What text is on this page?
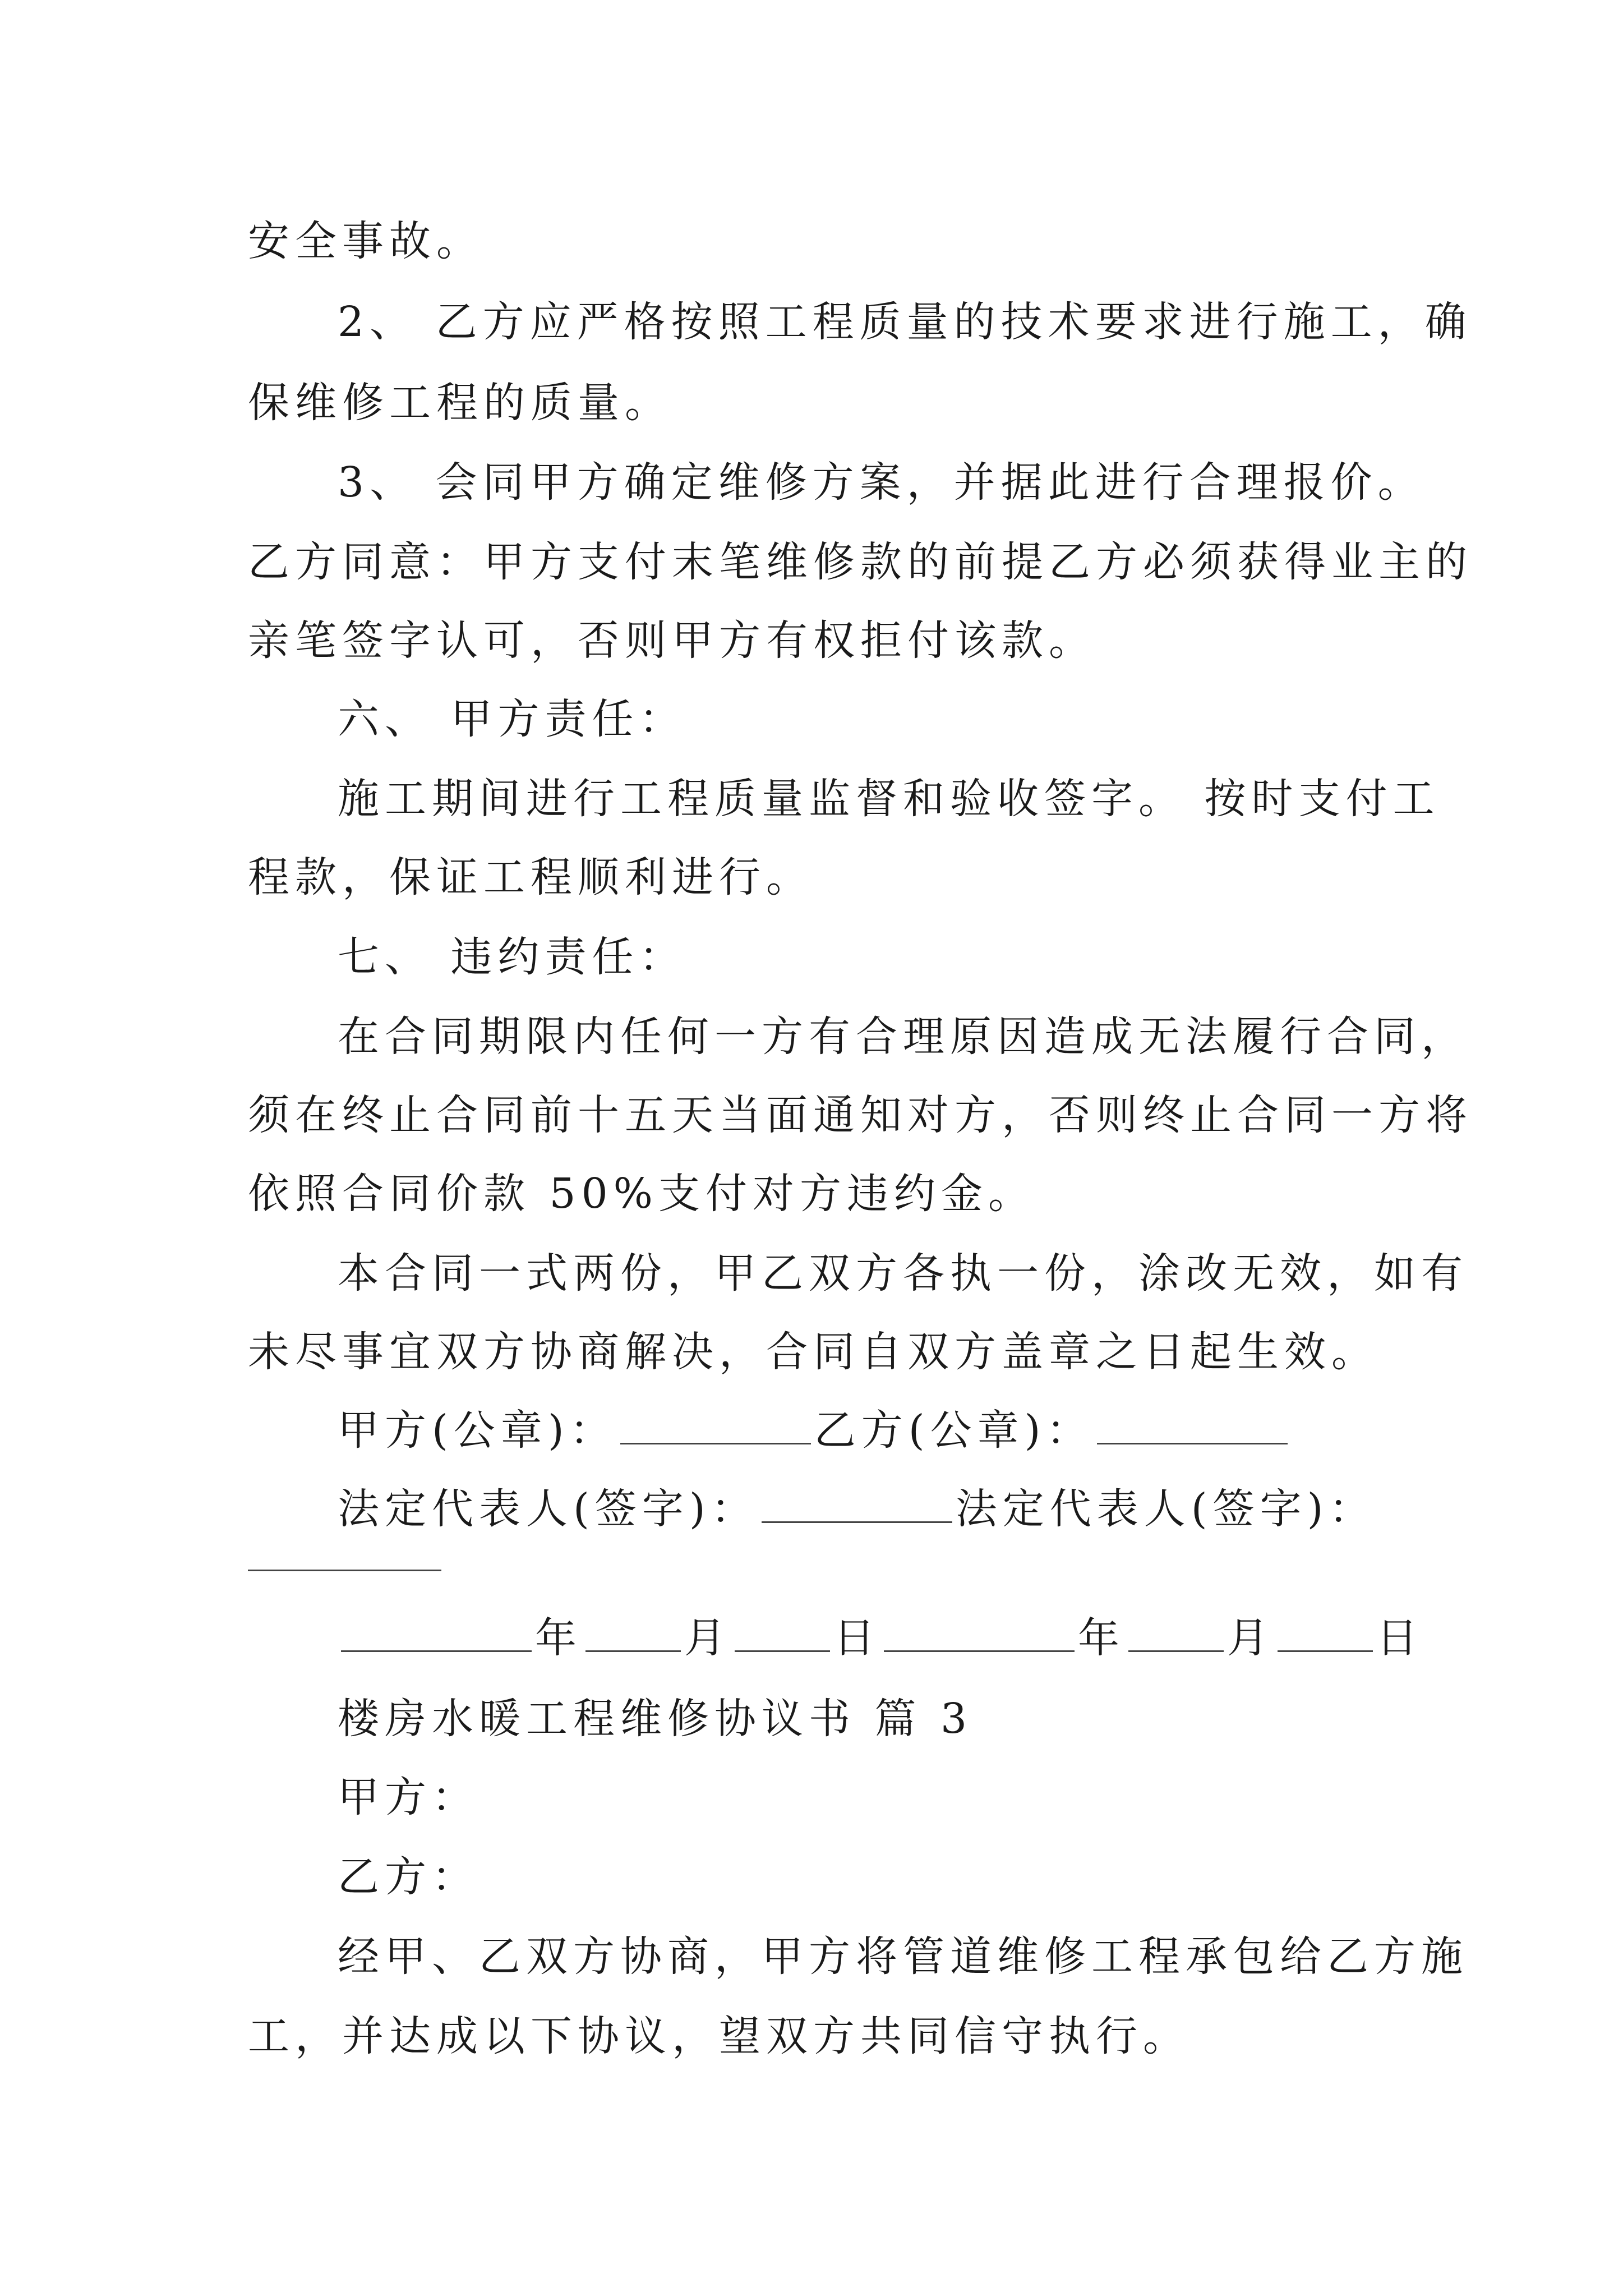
安全事故。
2、 乙方应严格按照工程质量的技术要求进行施工，确
保维修工程的质量。
3、 会同甲方确定维修方案，并据此进行合理报价。
乙方同意：甲方支付末笔维修款的前提乙方必须获得业主的
亲笔签字认可，否则甲方有权拒付该款。
六、 甲方责任：
施工期间进行工程质量监督和验收签字。 按时支付工
程款，保证工程顺利进行。
七、 违约责任：
在合同期限内任何一方有合理原因造成无法履行合同，
须在终止合同前十五天当面通知对方，否则终止合同一方将
依照合同价款 50%支付对方违约金。
本合同一式两份，甲乙双方各执一份，涂改无效，如有
未尽事宜双方协商解决，合同自双方盖章之日起生效。
甲方(公章)：	乙方(公章)：
法定代表人(签字)：	法定代表人(签字)：
年 月 日	年 月 日
楼房水暖工程维修协议书 篇 3
甲方：
乙方：
经甲、乙双方协商，甲方将管道维修工程承包给乙方施
工，并达成以下协议，望双方共同信守执行。
